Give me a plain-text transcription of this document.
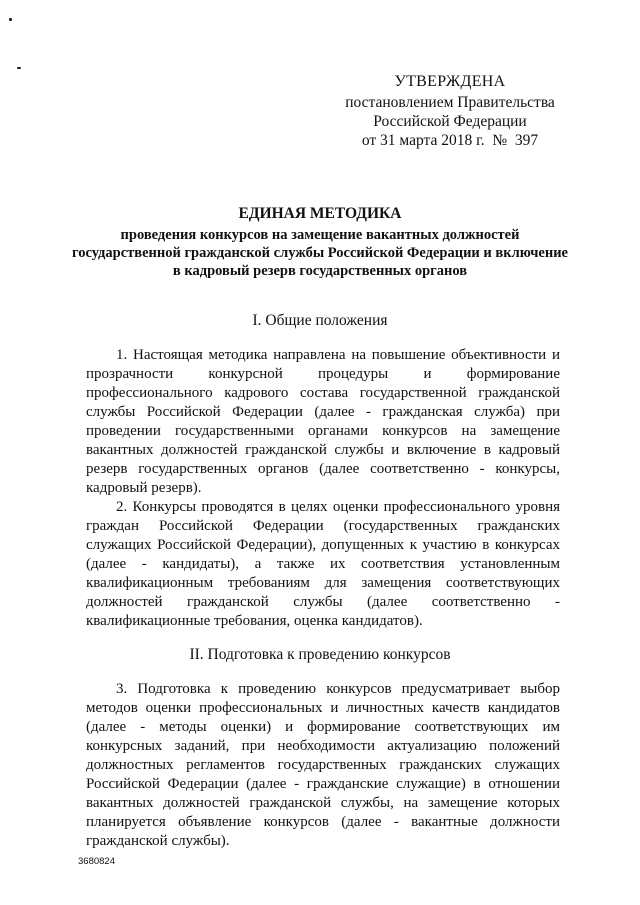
УТВЕРЖДЕНА
постановлением Правительства
Российской Федерации
от 31 марта 2018 г.  №  397
ЕДИНАЯ МЕТОДИКА
проведения конкурсов на замещение вакантных должностей государственной гражданской службы Российской Федерации и включение в кадровый резерв государственных органов
I. Общие положения

1. Настоящая методика направлена на повышение объективности и прозрачности конкурсной процедуры и формирование профессионального кадрового состава государственной гражданской службы Российской Федерации (далее - гражданская служба) при проведении государственными органами конкурсов на замещение вакантных должностей гражданской службы и включение в кадровый резерв государственных органов (далее соответственно - конкурсы, кадровый резерв).

2. Конкурсы проводятся в целях оценки профессионального уровня граждан Российской Федерации (государственных гражданских служащих Российской Федерации), допущенных к участию в конкурсах (далее - кандидаты), а также их соответствия установленным квалификационным требованиям для замещения соответствующих должностей гражданской службы (далее соответственно - квалификационные требования, оценка кандидатов).

II. Подготовка к проведению конкурсов

3. Подготовка к проведению конкурсов предусматривает выбор методов оценки профессиональных и личностных качеств кандидатов (далее - методы оценки) и формирование соответствующих им конкурсных заданий, при необходимости актуализацию положений должностных регламентов государственных гражданских служащих Российской Федерации (далее - гражданские служащие) в отношении вакантных должностей гражданской службы, на замещение которых планируется объявление конкурсов (далее - вакантные должности гражданской службы).

3680824
